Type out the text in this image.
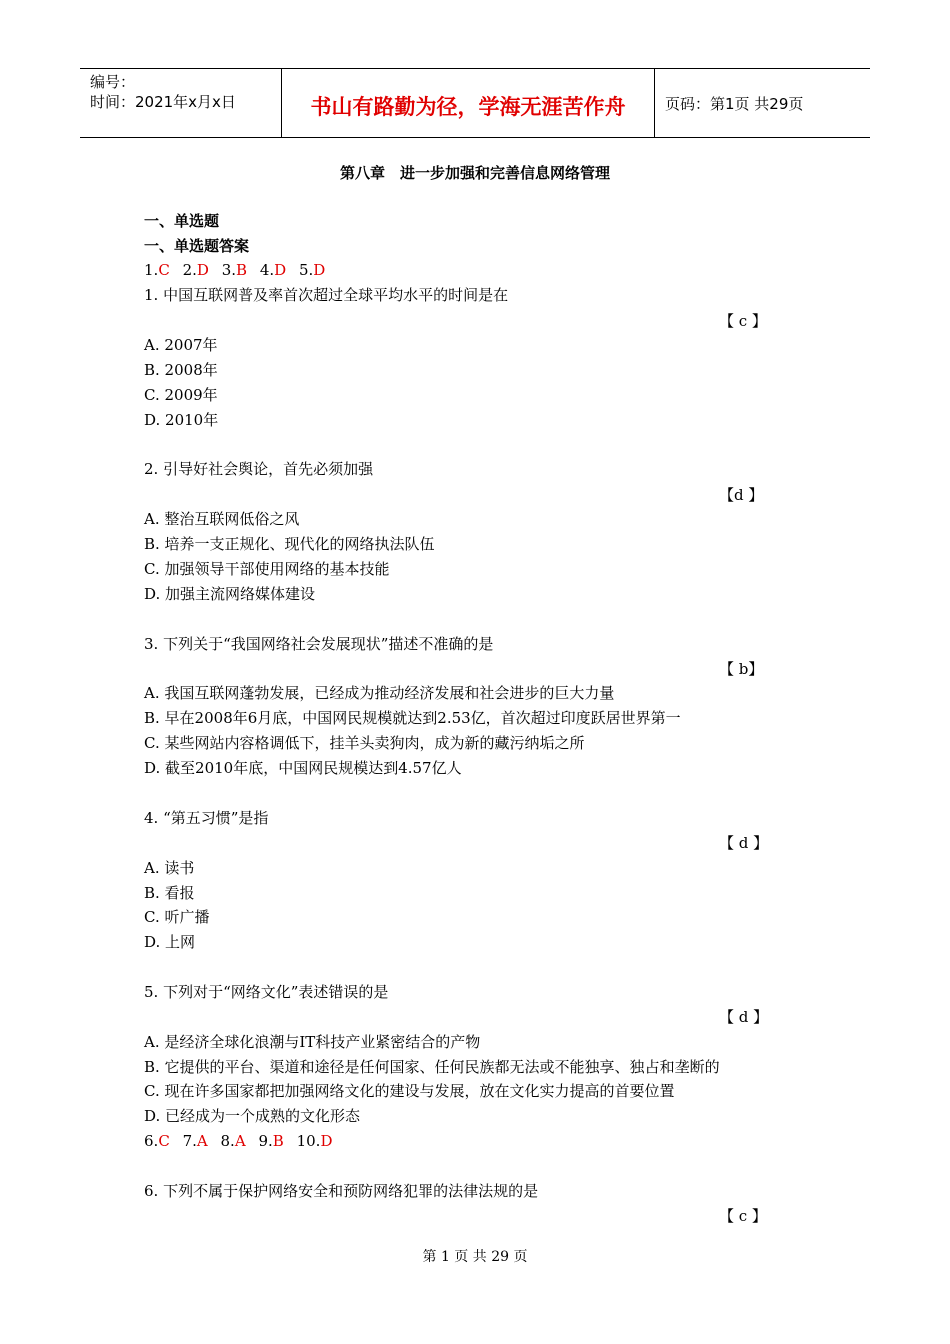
编号：
时间：2021年x月x日	书山有路勤为径，学海无涯苦作舟	页码：第1页 共29页
第八章　进一步加强和完善信息网络管理
一、单选题
一、单选题答案
1.C 2.D 3.B 4.D 5.D
1. 中国互联网普及率首次超过全球平均水平的时间是在
【 c 】
A. 2007年
B. 2008年
C. 2009年
D. 2010年
2. 引导好社会舆论，首先必须加强
【d 】
A. 整治互联网低俗之风
B. 培养一支正规化、现代化的网络执法队伍
C. 加强领导干部使用网络的基本技能
D. 加强主流网络媒体建设
3. 下列关于“我国网络社会发展现状”描述不准确的是
【 b】
A. 我国互联网蓬勃发展，已经成为推动经济发展和社会进步的巨大力量
B. 早在2008年6月底，中国网民规模就达到2.53亿，首次超过印度跃居世界第一
C. 某些网站内容格调低下，挂羊头卖狗肉，成为新的藏污纳垢之所
D. 截至2010年底，中国网民规模达到4.57亿人
4. “第五习惯”是指
【 d 】
A. 读书
B. 看报
C. 听广播
D. 上网
5. 下列对于“网络文化”表述错误的是
【 d 】
A. 是经济全球化浪潮与IT科技产业紧密结合的产物
B. 它提供的平台、渠道和途径是任何国家、任何民族都无法或不能独享、独占和垄断的
C. 现在许多国家都把加强网络文化的建设与发展，放在文化实力提高的首要位置
D. 已经成为一个成熟的文化形态
6.C 7.A 8.A 9.B 10.D
6. 下列不属于保护网络安全和预防网络犯罪的法律法规的是
【 c 】
第 1 页 共 29 页
